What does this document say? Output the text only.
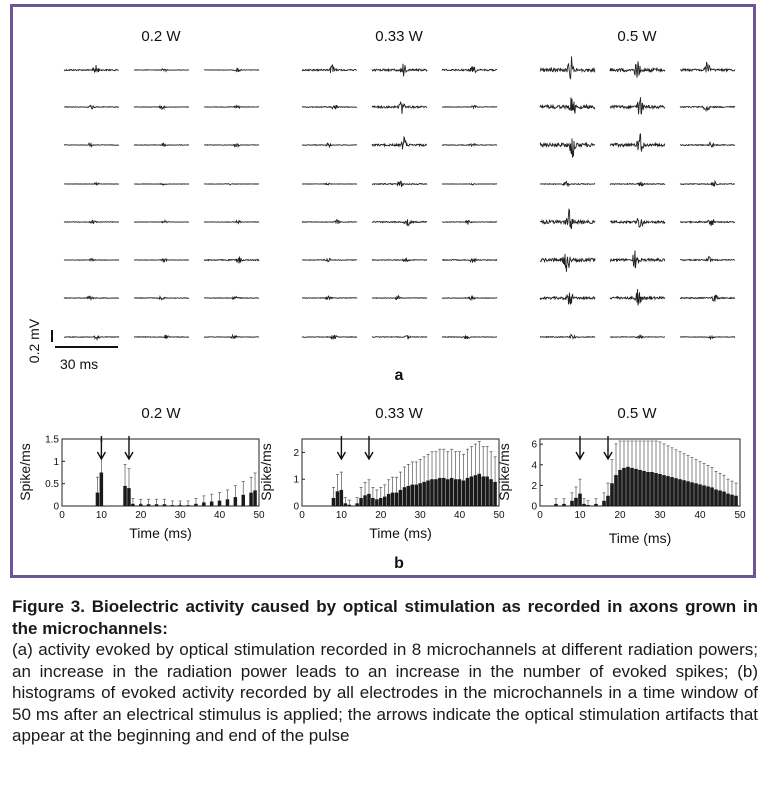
0.2 W	0.33 W	0.5 W
0.2 mV
30 ms
a
0.2 W
0	10	20	30	40	50
0
0.5
1
1.5
Spike/ms
Time (ms)
0.33 W
0	10	20	30	40	50
0
1
2
Spike/ms
Time (ms)
0.5 W
0	10	20	30	40	50
0
2
4
6
Spike/ms
Time (ms)
b
Figure 3. Bioelectric activity caused by optical stimulation as recorded in axons grown in the microchannels:
(a) activity evoked by optical stimulation recorded in 8 microchannels at different radiation powers; an increase in the radiation power leads to an increase in the number of evoked spikes; (b) histograms of evoked activity recorded by all electrodes in the microchannels in a time window of 50 ms after an electrical stimulus is applied; the arrows indicate the optical stimulation artifacts that appear at the beginning and end of the pulse
